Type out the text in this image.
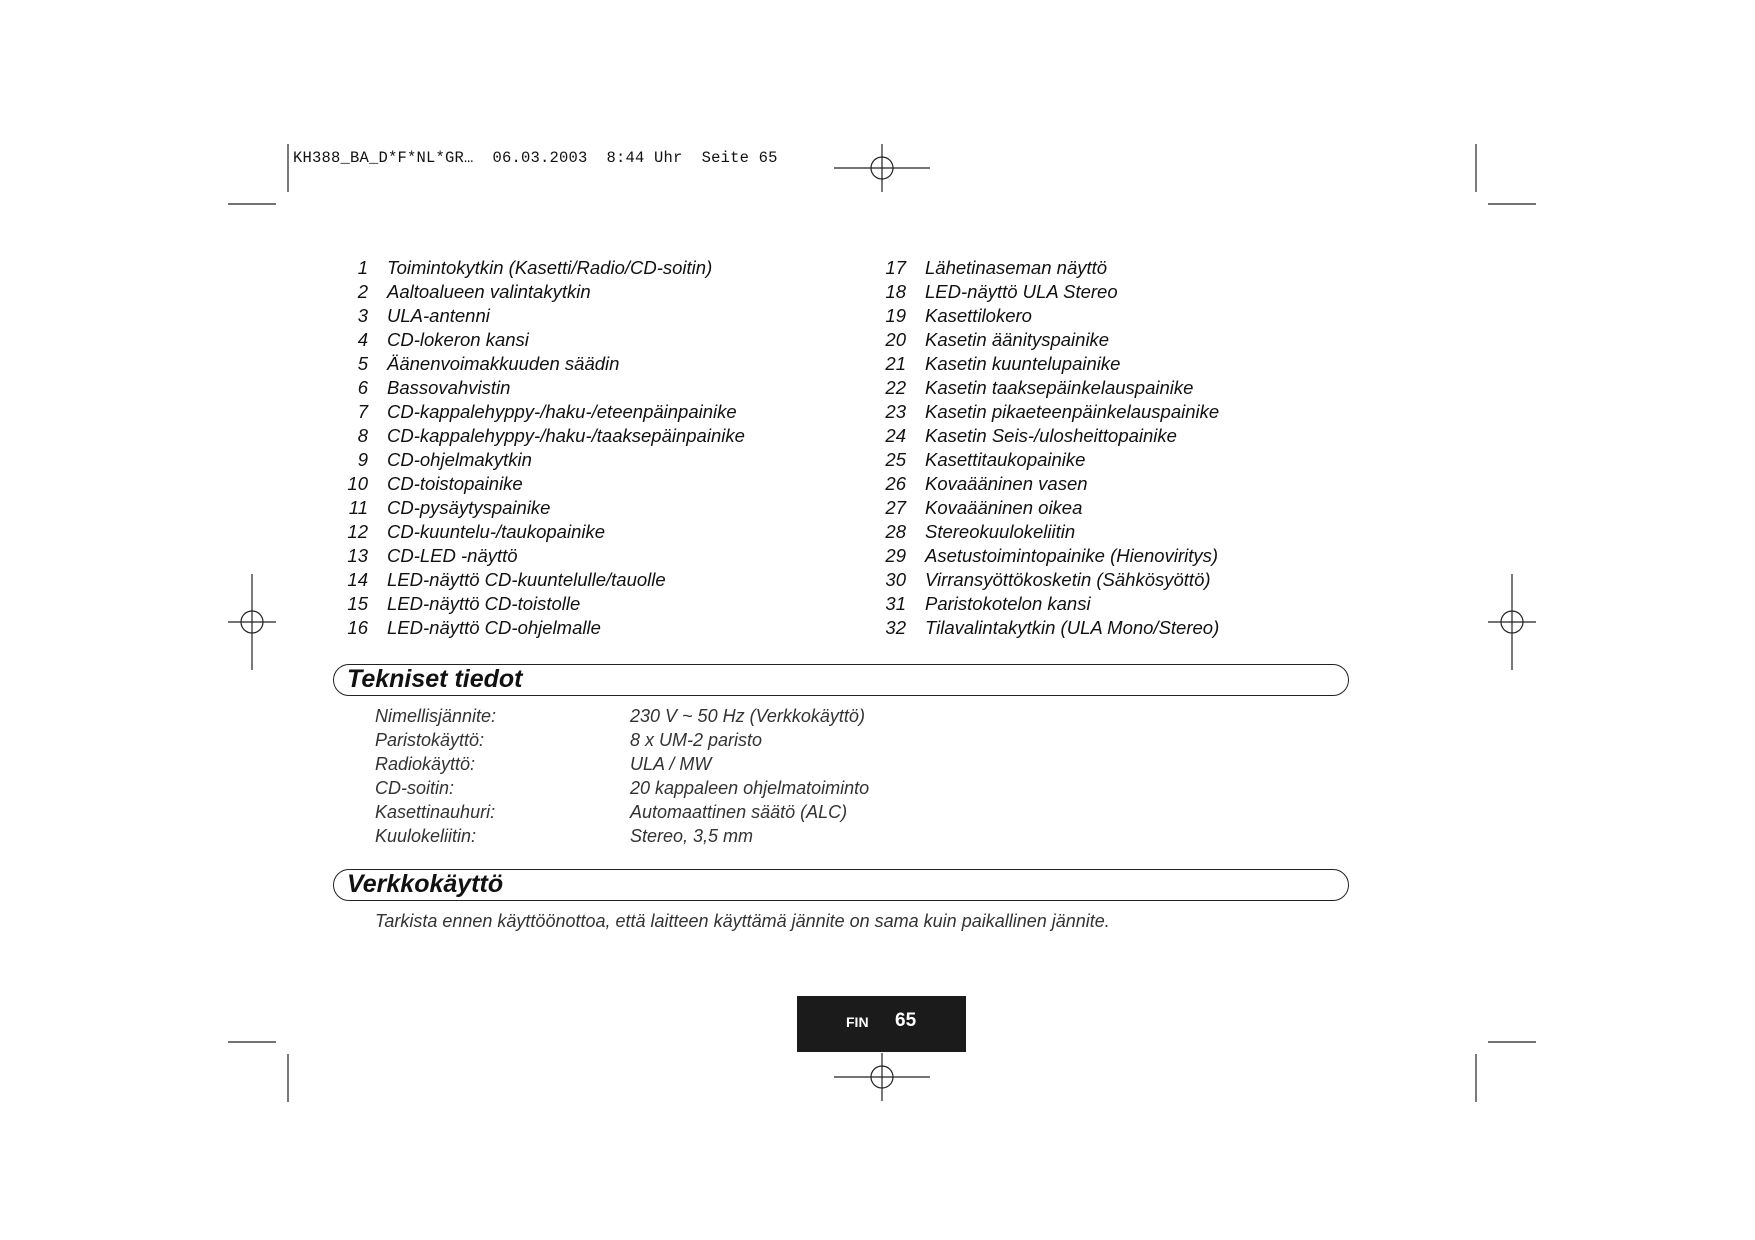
KH388_BA_D*F*NL*GR…  06.03.2003  8:44 Uhr  Seite 65
1 Toimintokytkin (Kasetti/Radio/CD-soitin)
2 Aaltoalueen valintakytkin
3 ULA-antenni
4 CD-lokeron kansi
5 Äänenvoimakkuuden säädin
6 Bassovahvistin
7 CD-kappalehyppy-/haku-/eteenpäinpainike
8 CD-kappalehyppy-/haku-/taaksepäinpainike
9 CD-ohjelmakytkin
10 CD-toistopainike
11 CD-pysäytyspainike
12 CD-kuuntelu-/taukopainike
13 CD-LED -näyttö
14 LED-näyttö CD-kuuntelulle/tauolle
15 LED-näyttö CD-toistolle
16 LED-näyttö CD-ohjelmalle
17 Lähetinaseman näyttö
18 LED-näyttö ULA Stereo
19 Kasettilokero
20 Kasetin äänityspainike
21 Kasetin kuuntelupainike
22 Kasetin taaksepäinkelauspainike
23 Kasetin pikaeteenpäinkelauspainike
24 Kasetin Seis-/ulosheittopainike
25 Kasettitaukopainike
26 Kovaääninen vasen
27 Kovaääninen oikea
28 Stereokuulokeliitin
29 Asetustoimintopainike (Hienoviritys)
30 Virransyöttökosketin (Sähkösyöttö)
31 Paristokotelon kansi
32 Tilavalintakytkin (ULA Mono/Stereo)
Tekniset tiedot
Nimellisjännite:	230 V ~ 50 Hz (Verkkokäyttö)
Paristokäyttö:	8 x UM-2 paristo
Radiokäyttö:	ULA / MW
CD-soitin:	20 kappaleen ohjelmatoiminto
Kasettinauhuri:	Automaattinen säätö (ALC)
Kuulokeliitin:	Stereo, 3,5 mm
Verkkokäyttö
Tarkista ennen käyttöönottoa, että laitteen käyttämä jännite on sama kuin paikallinen jännite.
FIN 65
